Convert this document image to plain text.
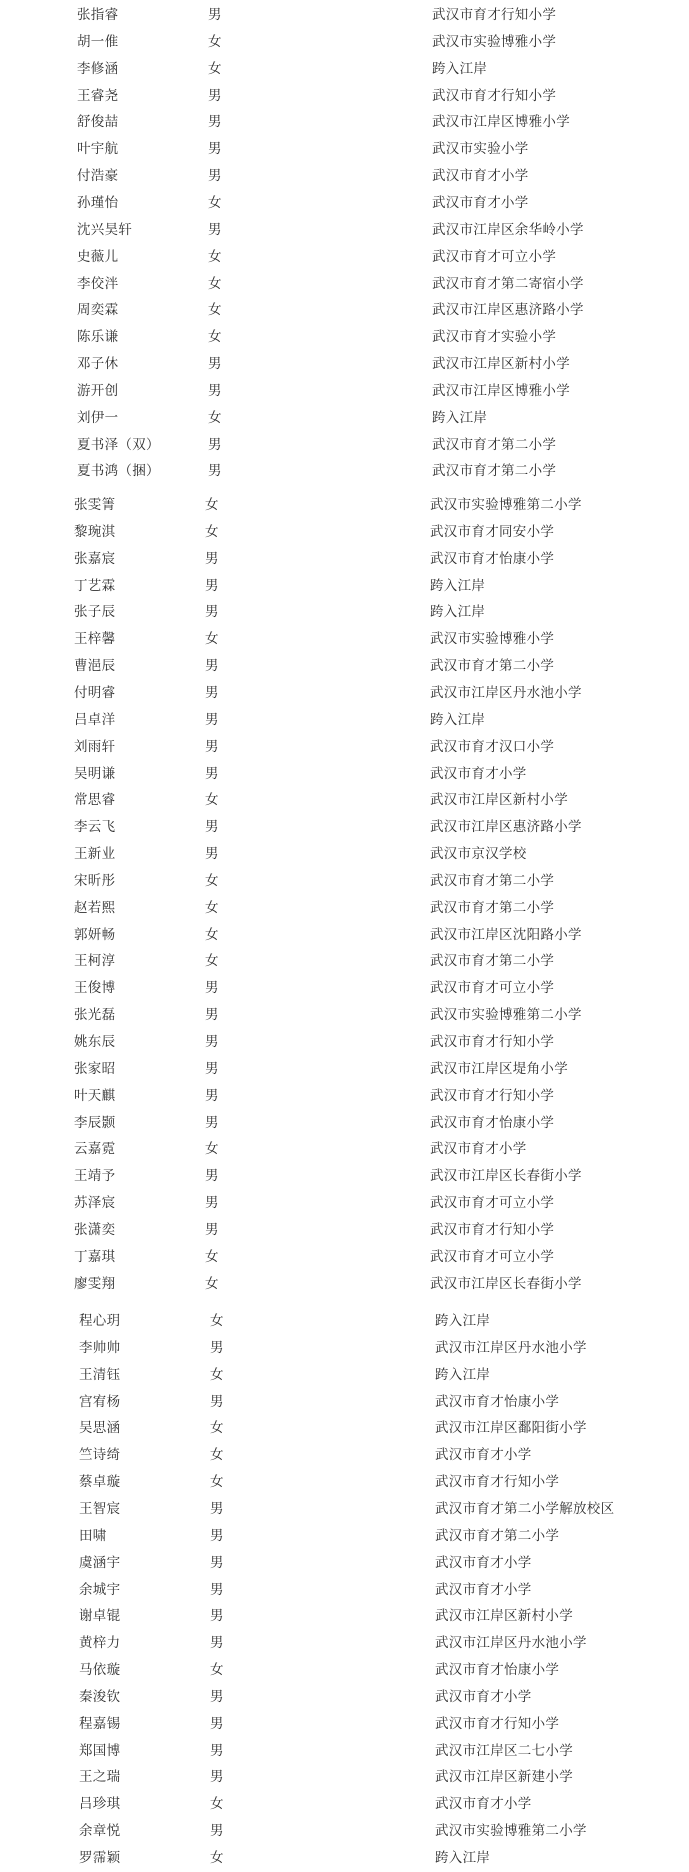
张指睿	男	武汉市育才行知小学
胡一倠	女	武汉市实验博雅小学
李修涵	女	跨入江岸
王睿尧	男	武汉市育才行知小学
舒俊喆	男	武汉市江岸区博雅小学
叶宇航	男	武汉市实验小学
付浩豪	男	武汉市育才小学
孙瑾怡	女	武汉市育才小学
沈兴昊轩	男	武汉市江岸区余华岭小学
史薇儿	女	武汉市育才可立小学
李佼泮	女	武汉市育才第二寄宿小学
周奕霖	女	武汉市江岸区惠济路小学
陈乐谦	女	武汉市育才实验小学
邓子休	男	武汉市江岸区新村小学
游开创	男	武汉市江岸区博雅小学
刘伊一	女	跨入江岸
夏书泽（双）	男	武汉市育才第二小学
夏书鸿（捆）	男	武汉市育才第二小学
张雯箐	女	武汉市实验博雅第二小学
黎琬淇	女	武汉市育才同安小学
张嘉宸	男	武汉市育才怡康小学
丁艺霖	男	跨入江岸
张子辰	男	跨入江岸
王梓馨	女	武汉市实验博雅小学
曹浥辰	男	武汉市育才第二小学
付明睿	男	武汉市江岸区丹水池小学
吕卓洋	男	跨入江岸
刘雨轩	男	武汉市育才汉口小学
吴明谦	男	武汉市育才小学
常思睿	女	武汉市江岸区新村小学
李云飞	男	武汉市江岸区惠济路小学
王新业	男	武汉市京汉学校
宋昕彤	女	武汉市育才第二小学
赵若熙	女	武汉市育才第二小学
郭妍畅	女	武汉市江岸区沈阳路小学
王柯淳	女	武汉市育才第二小学
王俊博	男	武汉市育才可立小学
张光磊	男	武汉市实验博雅第二小学
姚东辰	男	武汉市育才行知小学
张家昭	男	武汉市江岸区堤角小学
叶天麒	男	武汉市育才行知小学
李辰颢	男	武汉市育才怡康小学
云嘉霓	女	武汉市育才小学
王靖予	男	武汉市江岸区长春街小学
苏泽宸	男	武汉市育才可立小学
张潇奕	男	武汉市育才行知小学
丁嘉琪	女	武汉市育才可立小学
廖雯翔	女	武汉市江岸区长春街小学
程心玥	女	跨入江岸
李帅帅	男	武汉市江岸区丹水池小学
王清钰	女	跨入江岸
宫宥杨	男	武汉市育才怡康小学
吴思涵	女	武汉市江岸区鄱阳街小学
竺诗绮	女	武汉市育才小学
蔡卓璇	女	武汉市育才行知小学
王智宸	男	武汉市育才第二小学解放校区
田啸	男	武汉市育才第二小学
虞涵宇	男	武汉市育才小学
余城宇	男	武汉市育才小学
谢卓锟	男	武汉市江岸区新村小学
黄梓力	男	武汉市江岸区丹水池小学
马依璇	女	武汉市育才怡康小学
秦浚钦	男	武汉市育才小学
程嘉锡	男	武汉市育才行知小学
郑国博	男	武汉市江岸区二七小学
王之瑞	男	武汉市江岸区新建小学
吕珍琪	女	武汉市育才小学
余章悦	男	武汉市实验博雅第二小学
罗霈颖	女	跨入江岸
